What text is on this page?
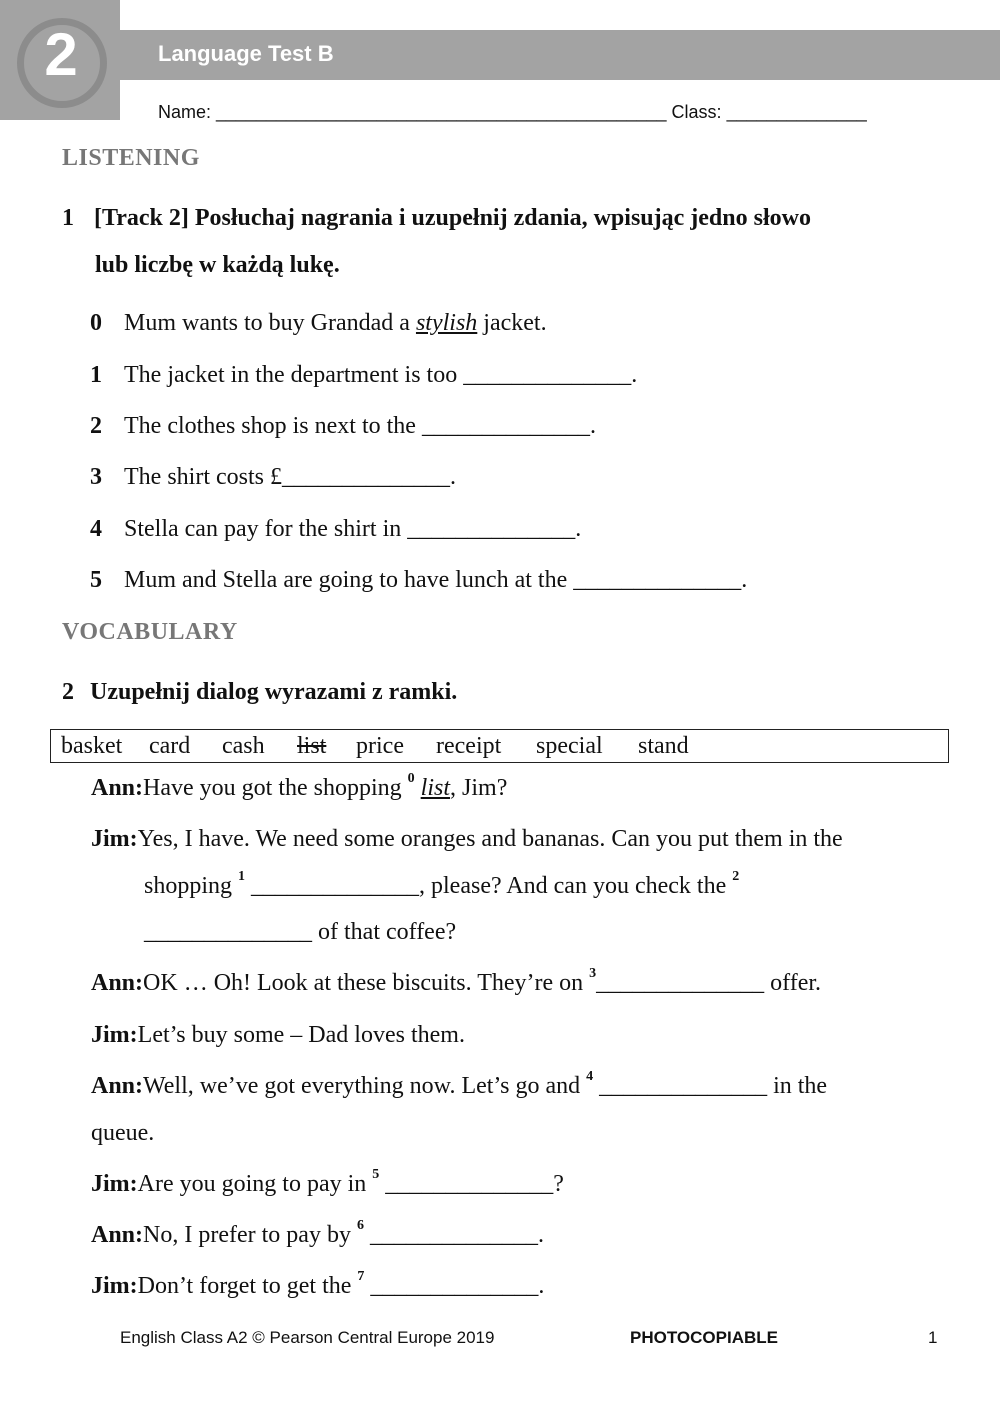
2	Language Test B
Name: _____________________________________________ Class: ______________
LISTENING
1 [Track 2] Posłuchaj nagrania i uzupełnij zdania, wpisując jedno słowo
lub liczbę w każdą lukę.
0 Mum wants to buy Grandad a stylish jacket.
1 The jacket in the department is too ______________.
2 The clothes shop is next to the ______________.
3 The shirt costs £______________.
4 Stella can pay for the shirt in ______________.
5 Mum and Stella are going to have lunch at the ______________.
VOCABULARY
2 Uzupełnij dialog wyrazami z ramki.
basket card cash list price receipt special stand
Ann:Have you got the shopping $^0$ list, Jim?
Jim:Yes, I have. We need some oranges and bananas. Can you put them in the
shopping $^1$ ______________, please? And can you check the $^2$
______________ of that coffee?
Ann:OK … Oh! Look at these biscuits. They’re on $^3$______________ offer.
Jim:Let’s buy some – Dad loves them.
Ann:Well, we’ve got everything now. Let’s go and $^4$ ______________ in the
queue.
Jim:Are you going to pay in $^5$ ______________?
Ann:No, I prefer to pay by $^6$ ______________.
Jim:Don’t forget to get the $^7$ ______________.
English Class A2 © Pearson Central Europe 2019	PHOTOCOPIABLE	1
